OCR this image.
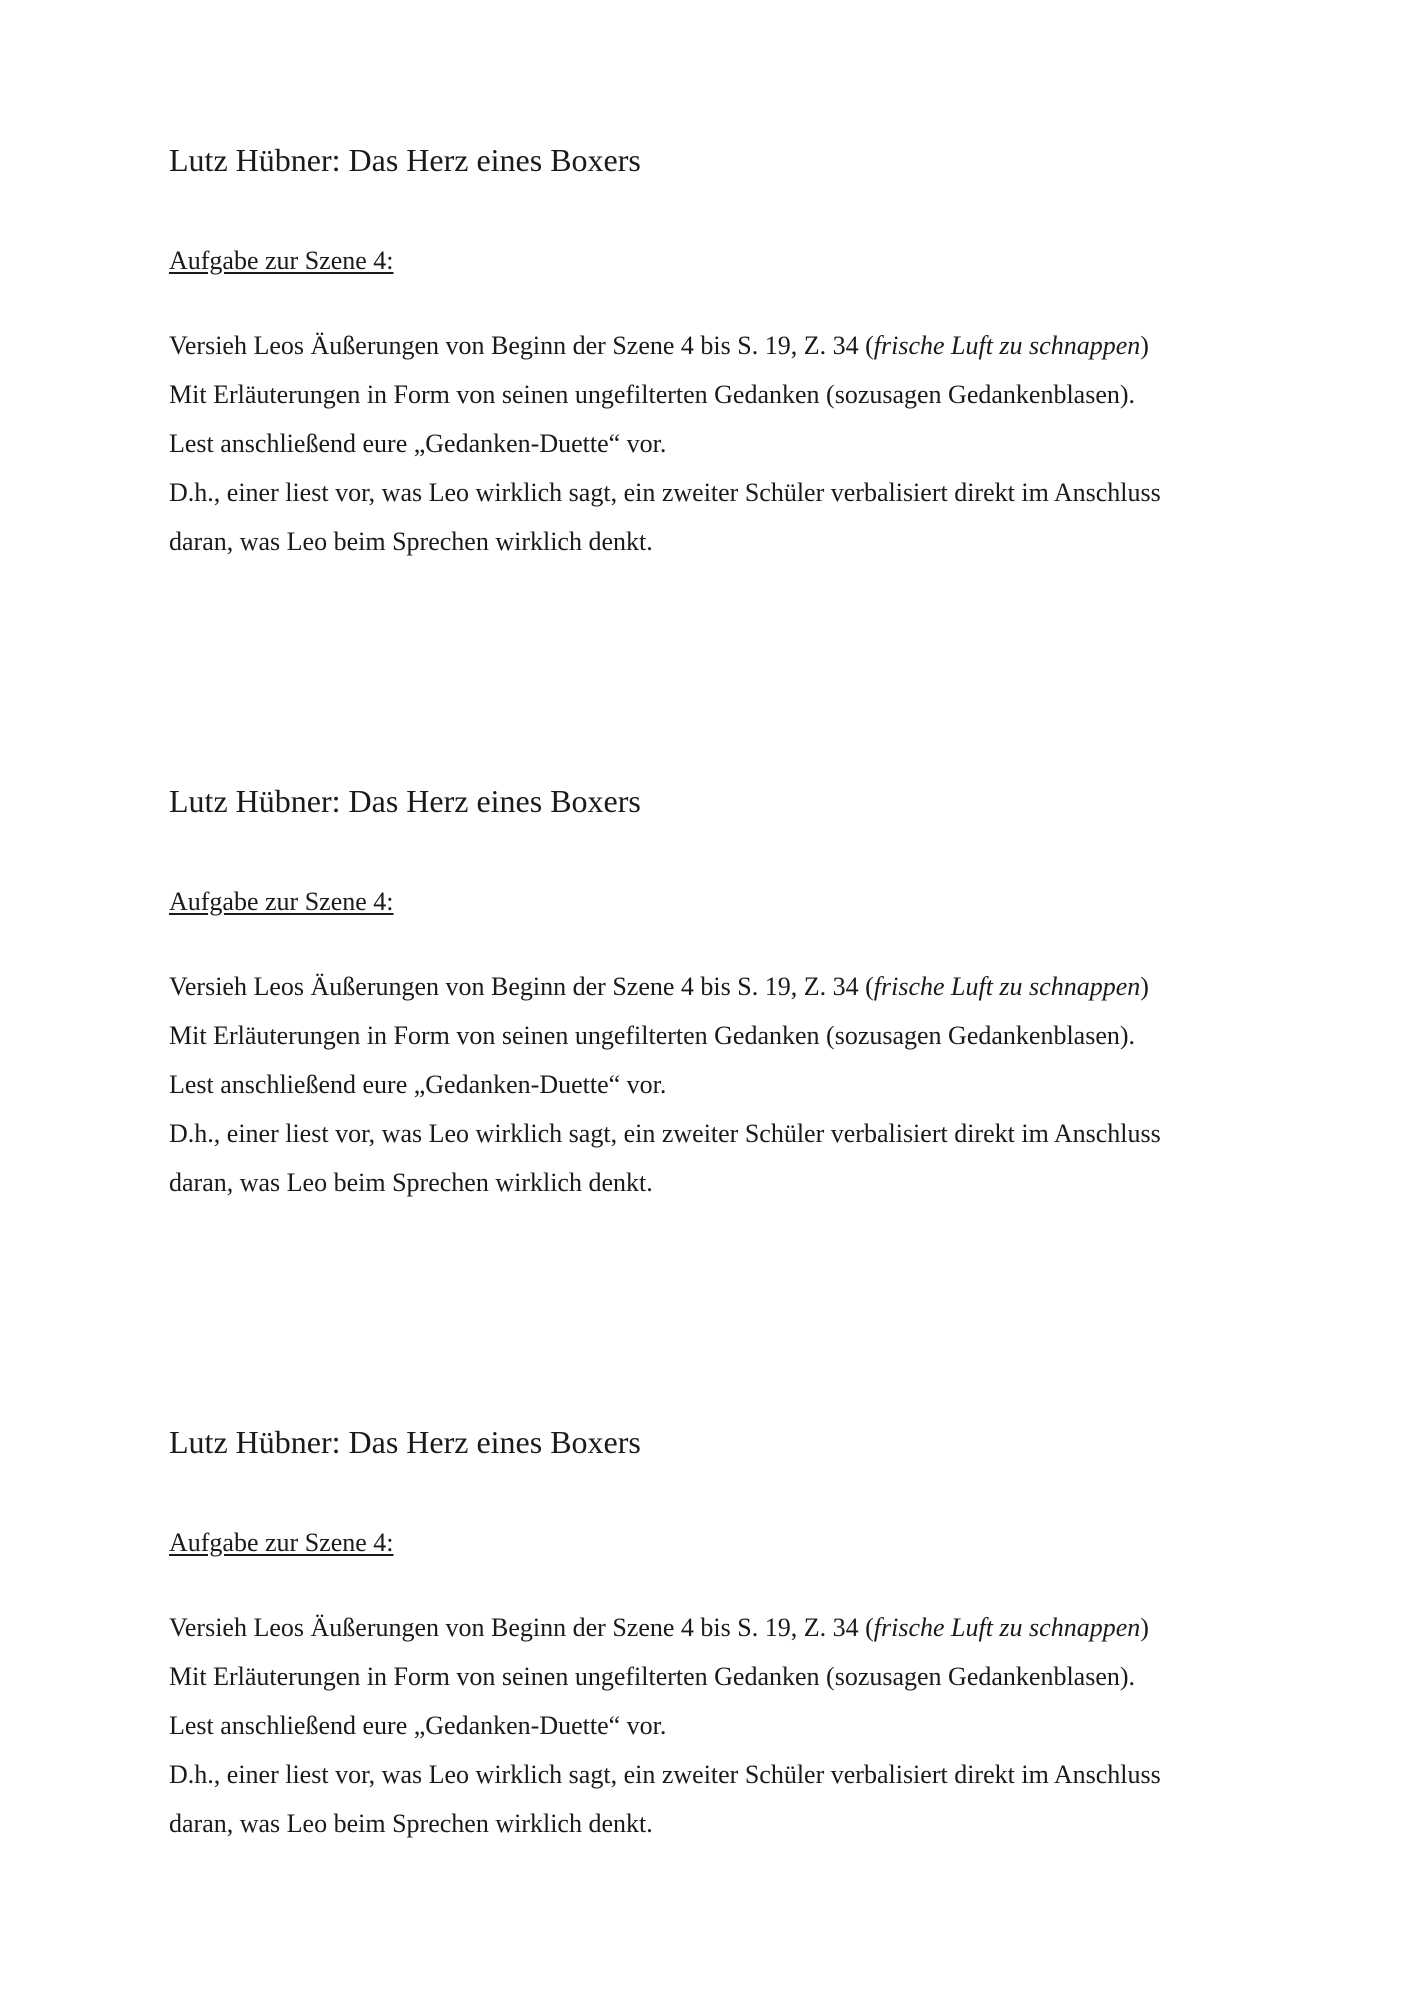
Lutz Hübner: Das Herz eines Boxers

Aufgabe zur Szene 4:

Versieh Leos Äußerungen von Beginn der Szene 4 bis S. 19, Z. 34 (frische Luft zu schnappen)
Mit Erläuterungen in Form von seinen ungefilterten Gedanken (sozusagen Gedankenblasen).
Lest anschließend eure „Gedanken-Duette“ vor.
D.h., einer liest vor, was Leo wirklich sagt, ein zweiter Schüler verbalisiert direkt im Anschluss
daran, was Leo beim Sprechen wirklich denkt.
Lutz Hübner: Das Herz eines Boxers

Aufgabe zur Szene 4:

Versieh Leos Äußerungen von Beginn der Szene 4 bis S. 19, Z. 34 (frische Luft zu schnappen)
Mit Erläuterungen in Form von seinen ungefilterten Gedanken (sozusagen Gedankenblasen).
Lest anschließend eure „Gedanken-Duette“ vor.
D.h., einer liest vor, was Leo wirklich sagt, ein zweiter Schüler verbalisiert direkt im Anschluss
daran, was Leo beim Sprechen wirklich denkt.
Lutz Hübner: Das Herz eines Boxers

Aufgabe zur Szene 4:

Versieh Leos Äußerungen von Beginn der Szene 4 bis S. 19, Z. 34 (frische Luft zu schnappen)
Mit Erläuterungen in Form von seinen ungefilterten Gedanken (sozusagen Gedankenblasen).
Lest anschließend eure „Gedanken-Duette“ vor.
D.h., einer liest vor, was Leo wirklich sagt, ein zweiter Schüler verbalisiert direkt im Anschluss
daran, was Leo beim Sprechen wirklich denkt.
